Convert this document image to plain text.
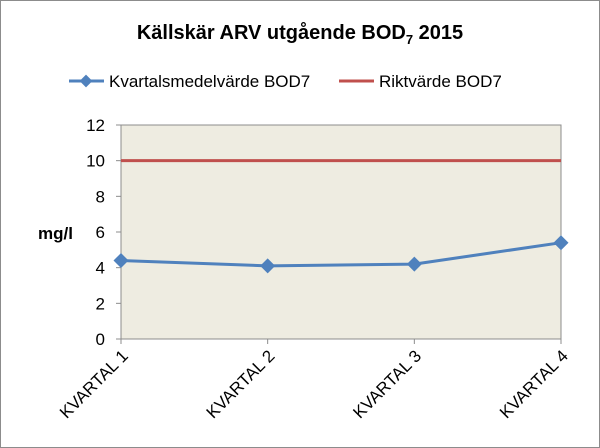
Källskär ARV utgående $BOD_7$ 2015
Kvartalsmedelvärde BOD7	Riktvärde BOD7
mg/l
0
2
4
6
8
10
12
KVARTAL 1	KVARTAL 2	KVARTAL 3	KVARTAL 4
